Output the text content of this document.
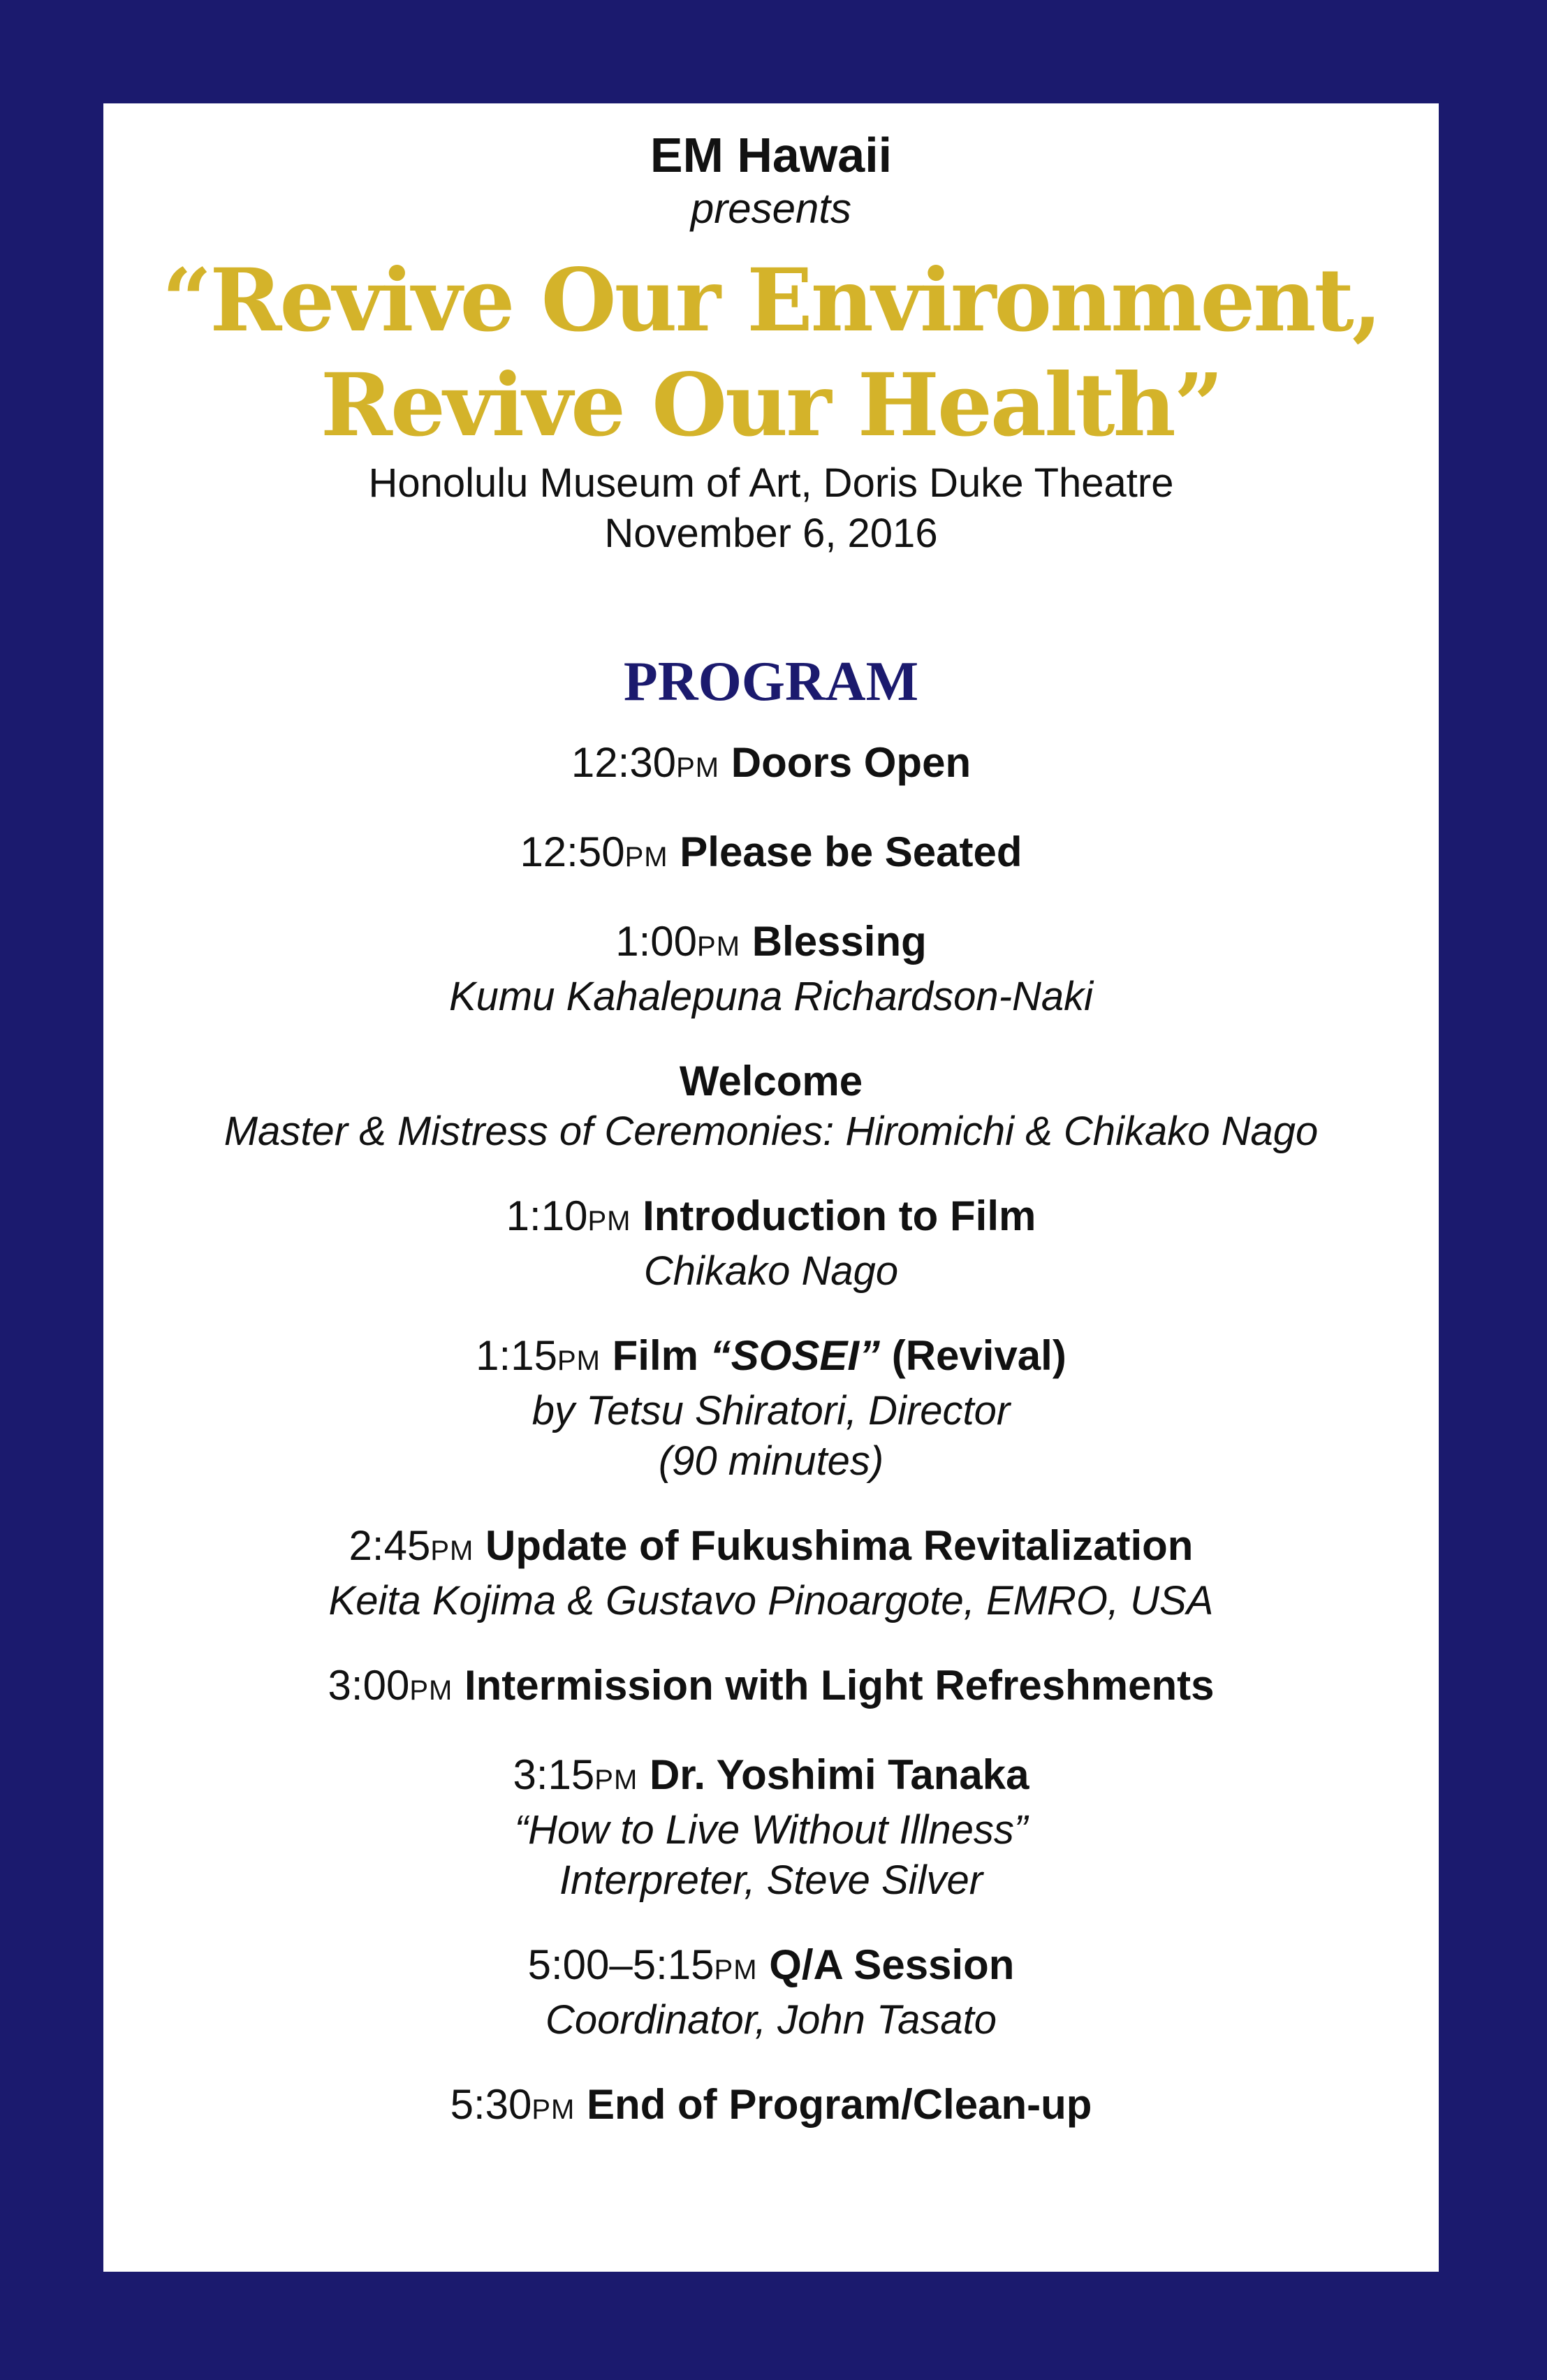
EM Hawaii
presents
“Revive Our Environment,
Revive Our Health”
Honolulu Museum of Art, Doris Duke Theatre
November 6, 2016
PROGRAM
12:30PM Doors Open
12:50PM Please be Seated
1:00PM Blessing
Kumu Kahalepuna Richardson-Naki
Welcome
Master & Mistress of Ceremonies: Hiromichi & Chikako Nago
1:10PM Introduction to Film
Chikako Nago
1:15PM Film “SOSEI” (Revival)
by Tetsu Shiratori, Director
(90 minutes)
2:45PM Update of Fukushima Revitalization
Keita Kojima & Gustavo Pinoargote, EMRO, USA
3:00PM Intermission with Light Refreshments
3:15PM Dr. Yoshimi Tanaka
“How to Live Without Illness”
Interpreter, Steve Silver
5:00–5:15PM Q/A Session
Coordinator, John Tasato
5:30PM End of Program/Clean-up
